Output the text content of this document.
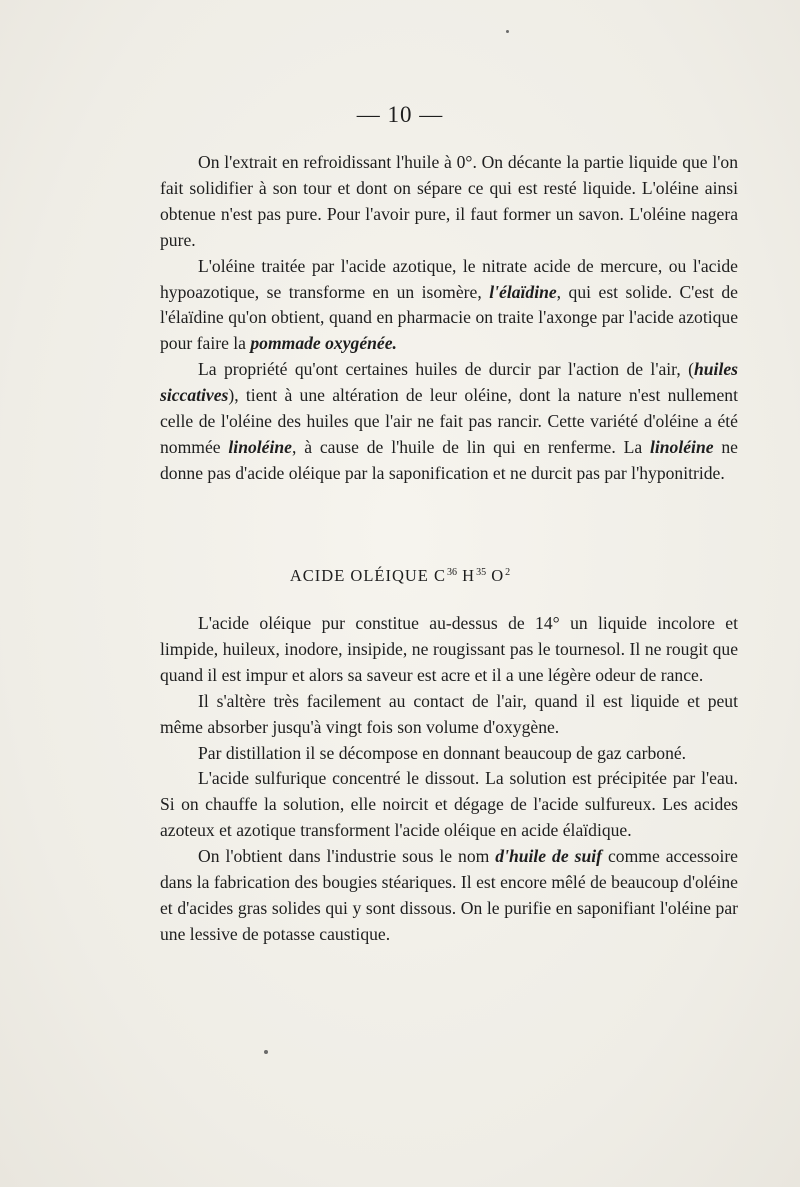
— 10 —

On l'extrait en refroidissant l'huile à 0°. On décante la partie liquide que l'on fait solidifier à son tour et dont on sépare ce qui est resté liquide. L'oléine ainsi obtenue n'est pas pure. Pour l'avoir pure, il faut former un savon. L'oléine nagera pure.

L'oléine traitée par l'acide azotique, le nitrate acide de mercure, ou l'acide hypoazotique, se transforme en un isomère, l'élaïdine, qui est solide. C'est de l'élaïdine qu'on obtient, quand en pharmacie on traite l'axonge par l'acide azotique pour faire la pommade oxygénée.

La propriété qu'ont certaines huiles de durcir par l'action de l'air, (huiles siccatives), tient à une altération de leur oléine, dont la nature n'est nullement celle de l'oléine des huiles que l'air ne fait pas rancir. Cette variété d'oléine a été nommée linoléine, à cause de l'huile de lin qui en renferme. La linoléine ne donne pas d'acide oléique par la saponification et ne durcit pas par l'hyponitride.

ACIDE OLÉIQUE $C^{36}$ $H^{35}$ $O^2$

L'acide oléique pur constitue au-dessus de 14° un liquide incolore et limpide, huileux, inodore, insipide, ne rougissant pas le tournesol. Il ne rougit que quand il est impur et alors sa saveur est acre et il a une légère odeur de rance.

Il s'altère très facilement au contact de l'air, quand il est liquide et peut même absorber jusqu'à vingt fois son volume d'oxygène.

Par distillation il se décompose en donnant beaucoup de gaz carboné.

L'acide sulfurique concentré le dissout. La solution est précipitée par l'eau. Si on chauffe la solution, elle noircit et dégage de l'acide sulfureux. Les acides azoteux et azotique transforment l'acide oléique en acide élaïdique.

On l'obtient dans l'industrie sous le nom d'huile de suif comme accessoire dans la fabrication des bougies stéariques. Il est encore mêlé de beaucoup d'oléine et d'acides gras solides qui y sont dissous. On le purifie en saponifiant l'oléine par une lessive de potasse caustique.
